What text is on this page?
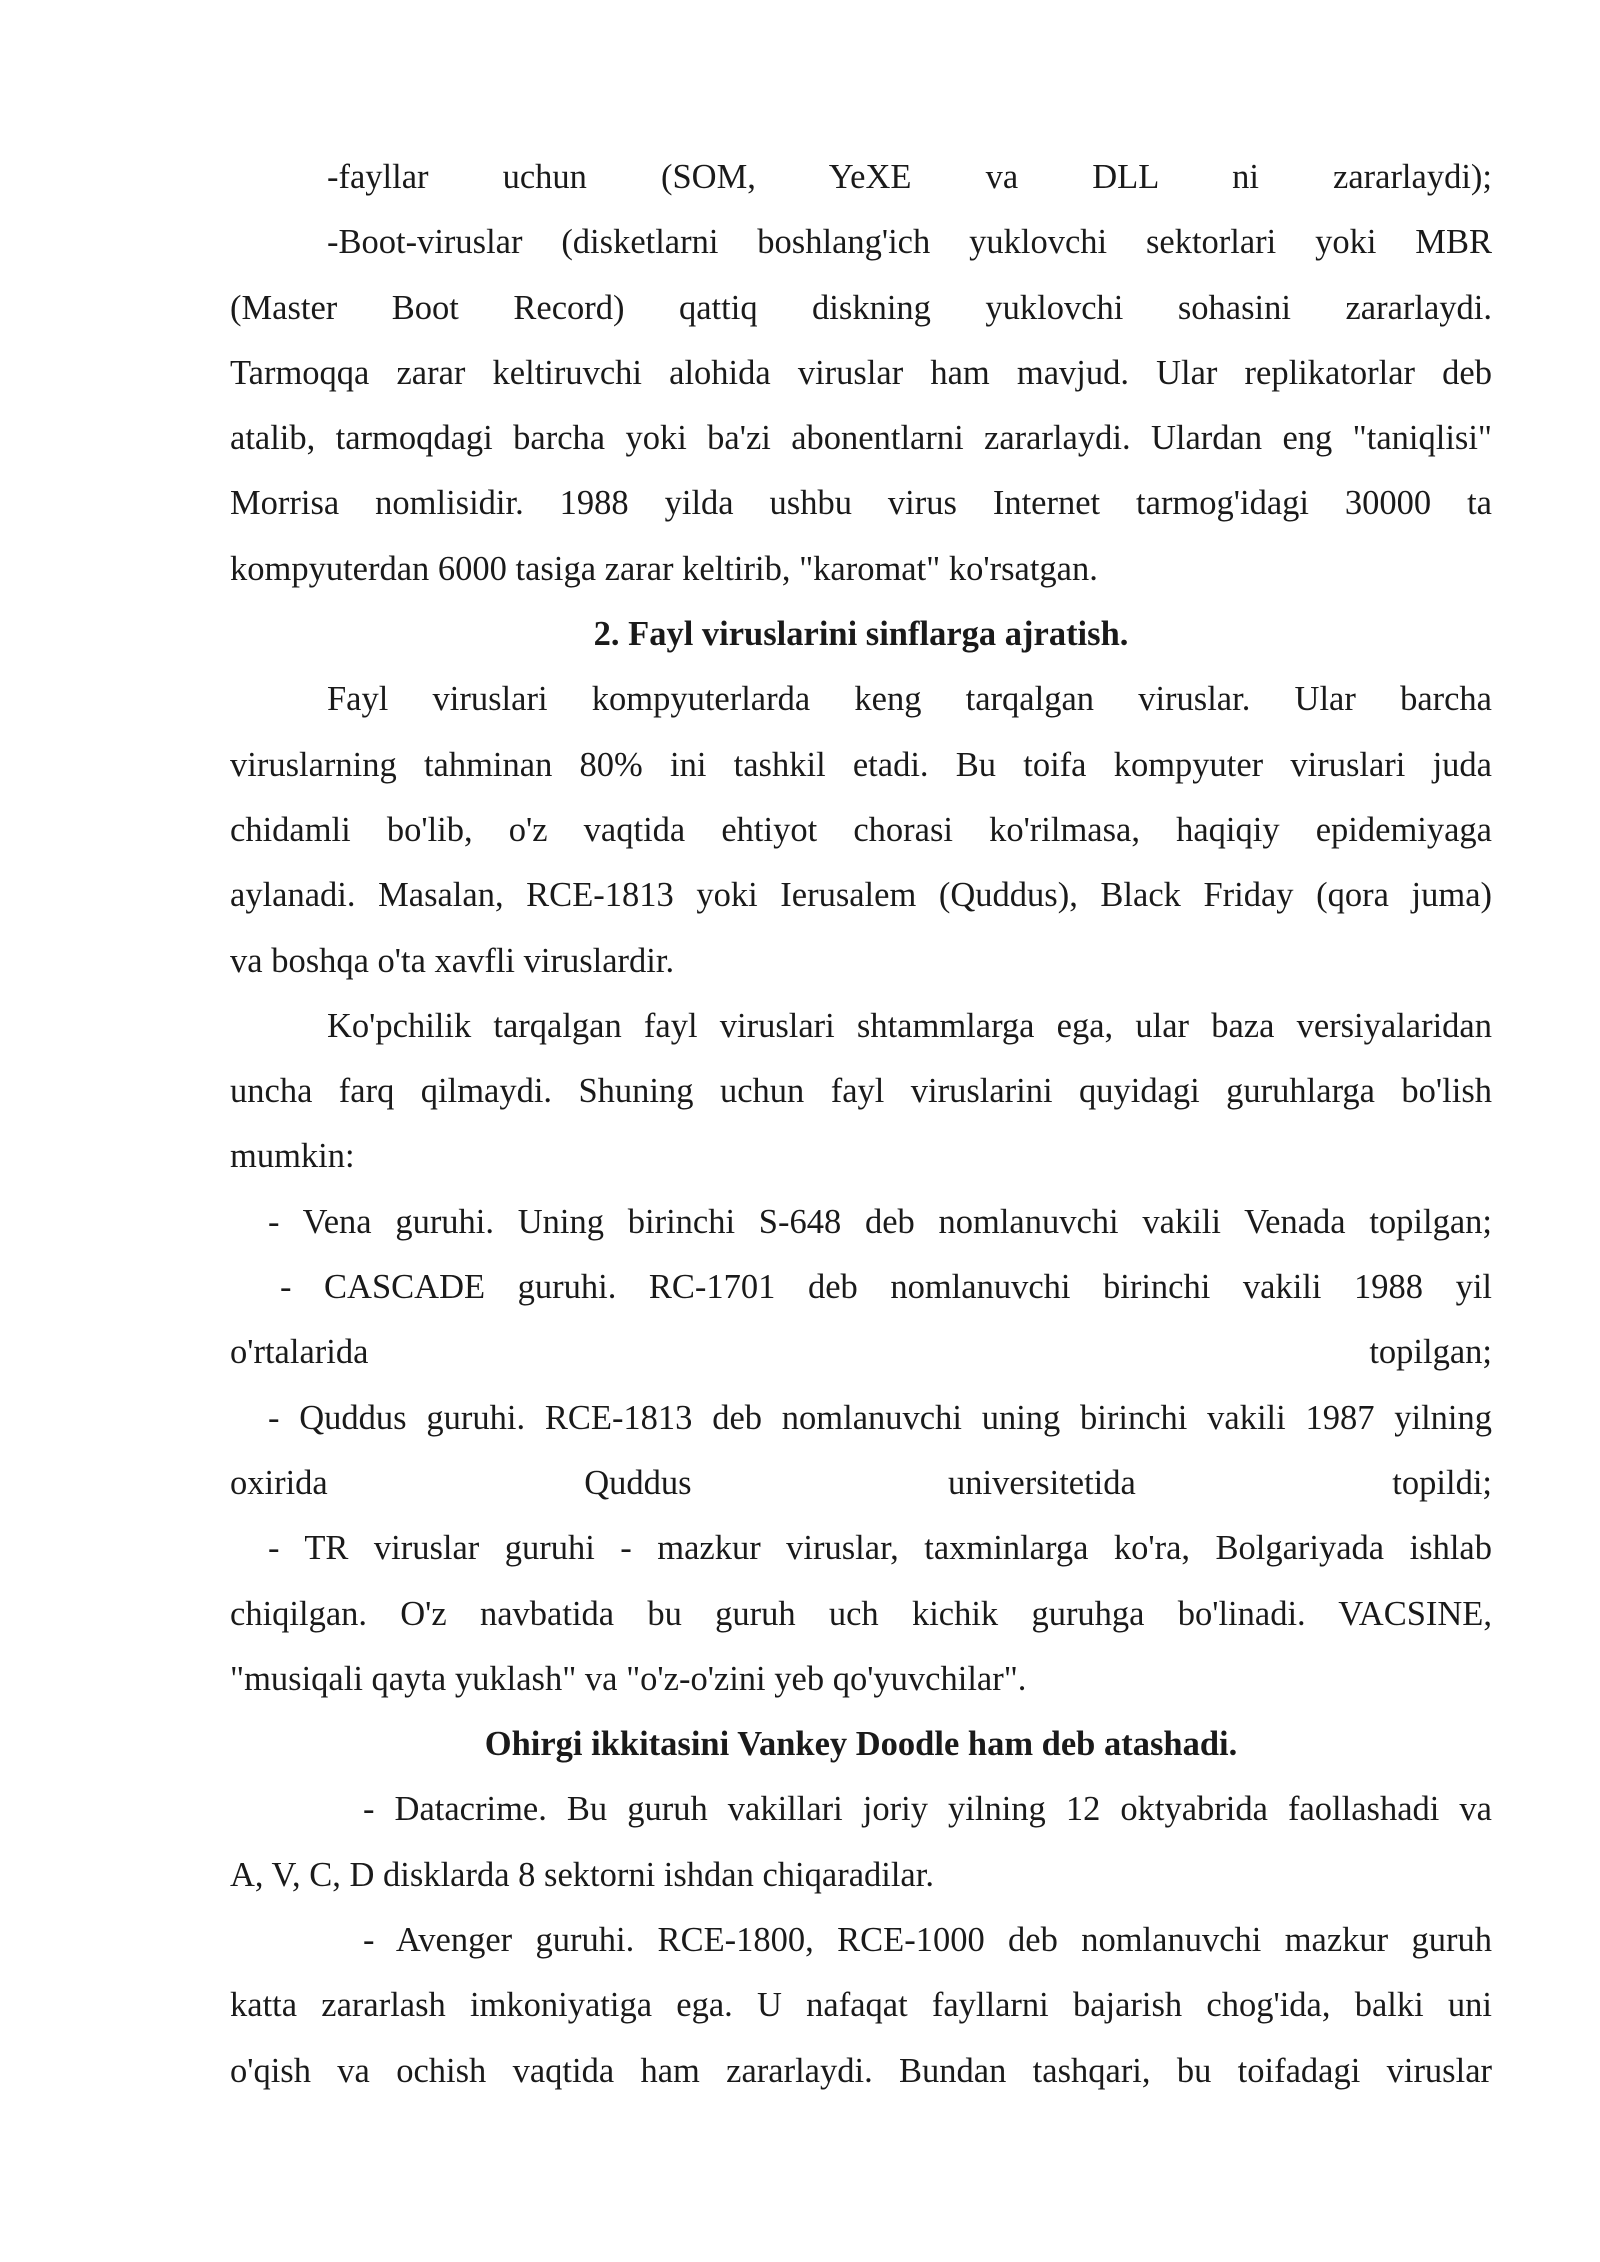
-fayllar uchun (SOM, YeXE va DLL ni zararlaydi);
-Boot-viruslar (disketlarni boshlang'ich yuklovchi sektorlari yoki MBR
(Master Boot Record) qattiq diskning yuklovchi sohasini zararlaydi.
Tarmoqqa zarar keltiruvchi alohida viruslar ham mavjud. Ular replikatorlar deb
atalib, tarmoqdagi barcha yoki ba'zi abonentlarni zararlaydi. Ulardan eng "taniqlisi"
Morrisa nomlisidir. 1988 yilda ushbu virus Internet tarmog'idagi 30000 ta
kompyuterdan 6000 tasiga zarar keltirib, "karomat" ko'rsatgan.
2. Fayl viruslarini sinflarga ajratish.
Fayl viruslari kompyuterlarda keng tarqalgan viruslar. Ular barcha
viruslarning tahminan 80% ini tashkil etadi. Bu toifa kompyuter viruslari juda
chidamli bo'lib, o'z vaqtida ehtiyot chorasi ko'rilmasa, haqiqiy epidemiyaga
aylanadi. Masalan, RCE-1813 yoki Ierusalem (Quddus), Black Friday (qora juma)
va boshqa o'ta xavfli viruslardir.
Ko'pchilik tarqalgan fayl viruslari shtammlarga ega, ular baza versiyalaridan
uncha farq qilmaydi. Shuning uchun fayl viruslarini quyidagi guruhlarga bo'lish
mumkin:
- Vena guruhi. Uning birinchi S-648 deb nomlanuvchi vakili Venada topilgan;
- CASCADE guruhi. RC-1701 deb nomlanuvchi birinchi vakili 1988 yil
o'rtalarida topilgan;
- Quddus guruhi. RCE-1813 deb nomlanuvchi uning birinchi vakili 1987 yilning
oxirida Quddus universitetida topildi;
- TR viruslar guruhi - mazkur viruslar, taxminlarga ko'ra, Bolgariyada ishlab
chiqilgan. O'z navbatida bu guruh uch kichik guruhga bo'linadi. VACSINE,
"musiqali qayta yuklash" va "o'z-o'zini yeb qo'yuvchilar".
Ohirgi ikkitasini Vankey Doodle ham deb atashadi.
- Datacrime. Bu guruh vakillari joriy yilning 12 oktyabrida faollashadi va
A, V, C, D disklarda 8 sektorni ishdan chiqaradilar.
- Avenger guruhi. RCE-1800, RCE-1000 deb nomlanuvchi mazkur guruh
katta zararlash imkoniyatiga ega. U nafaqat fayllarni bajarish chog'ida, balki uni
o'qish va ochish vaqtida ham zararlaydi. Bundan tashqari, bu toifadagi viruslar
